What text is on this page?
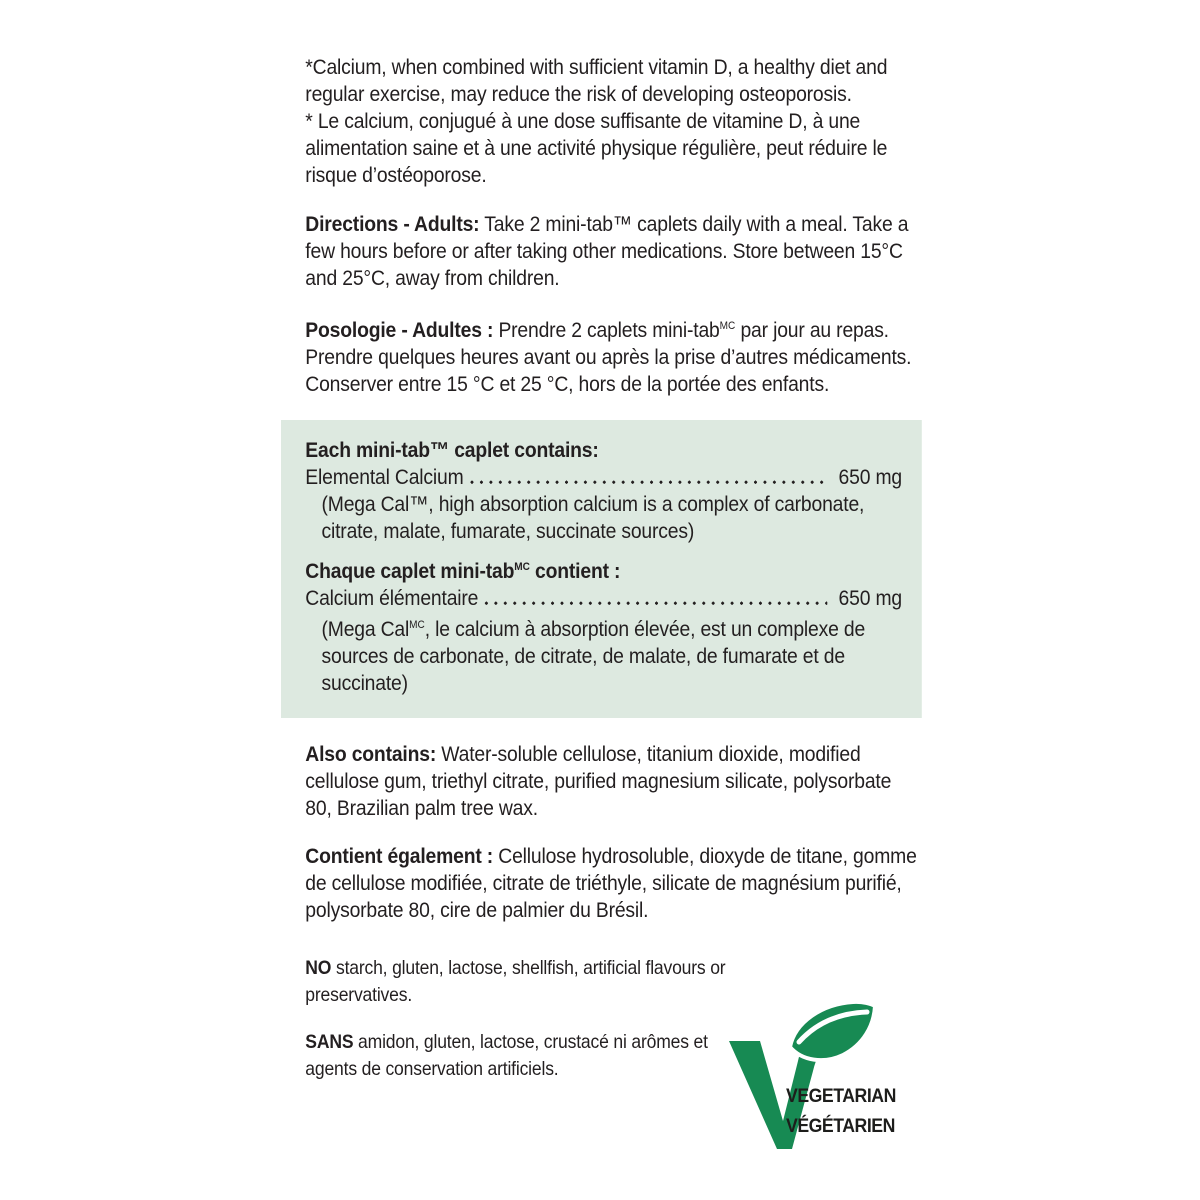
*Calcium, when combined with sufficient vitamin D, a healthy diet and regular exercise, may reduce the risk of developing osteoporosis.
* Le calcium, conjugué à une dose suffisante de vitamine D, à une alimentation saine et à une activité physique régulière, peut réduire le risque d’ostéoporose.

Directions - Adults: Take 2 mini-tab™ caplets daily with a meal. Take a few hours before or after taking other medications. Store between 15°C and 25°C, away from children.

Posologie - Adultes : Prendre 2 caplets mini-tab$^{MC}$ par jour au repas. Prendre quelques heures avant ou après la prise d’autres médicaments. Conserver entre 15 °C et 25 °C, hors de la portée des enfants.

Each mini-tab™ caplet contains:
Elemental Calcium	650 mg
(Mega Cal™, high absorption calcium is a complex of carbonate, citrate, malate, fumarate, succinate sources)
Chaque caplet mini-tab$^{MC}$ contient :
Calcium élémentaire	650 mg
(Mega Cal$^{MC}$, le calcium à absorption élevée, est un complexe de sources de carbonate, de citrate, de malate, de fumarate et de succinate)

Also contains: Water-soluble cellulose, titanium dioxide, modified cellulose gum, triethyl citrate, purified magnesium silicate, polysorbate 80, Brazilian palm tree wax.

Contient également : Cellulose hydrosoluble, dioxyde de titane, gomme de cellulose modifiée, citrate de triéthyle, silicate de magnésium purifié, polysorbate 80, cire de palmier du Brésil.

NO starch, gluten, lactose, shellfish, artificial flavours or preservatives.

SANS amidon, gluten, lactose, crustacé ni arômes et agents de conservation artificiels.

VEGETARIAN
VÉGÉTARIEN
